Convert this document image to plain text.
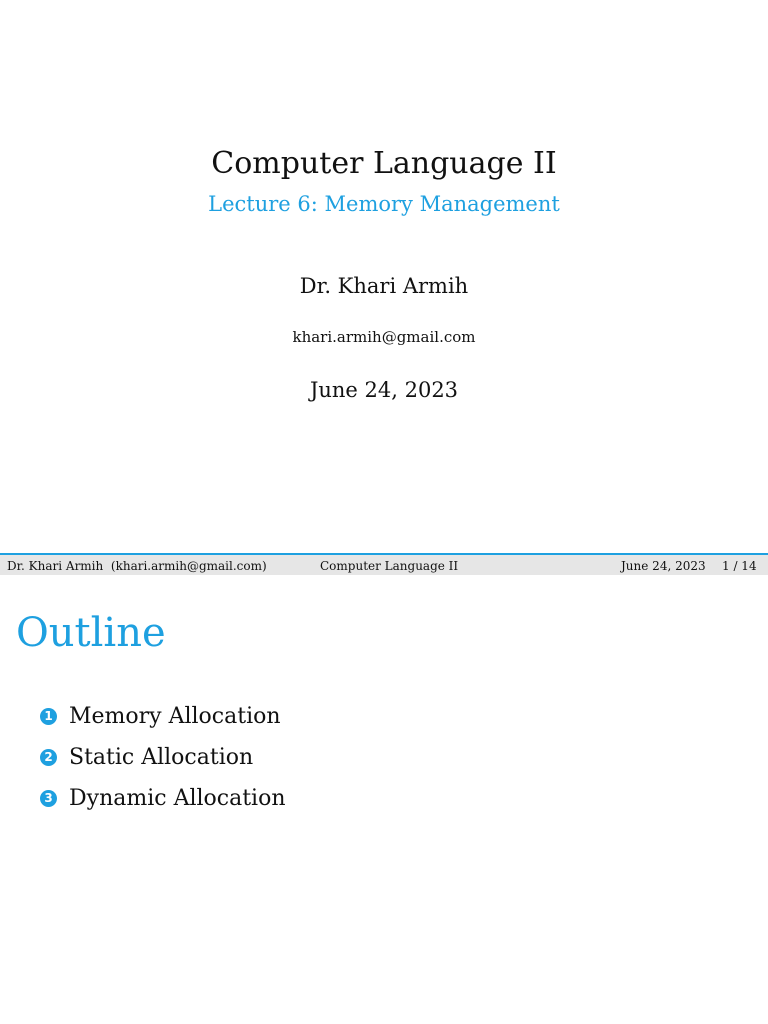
Computer Language II
Lecture 6: Memory Management
Dr. Khari Armih
khari.armih@gmail.com
June 24, 2023
Dr. Khari Armih  (khari.armih@gmail.com)	Computer Language II	June 24, 2023 1 / 14
Outline
1 Memory Allocation
2 Static Allocation
3 Dynamic Allocation
